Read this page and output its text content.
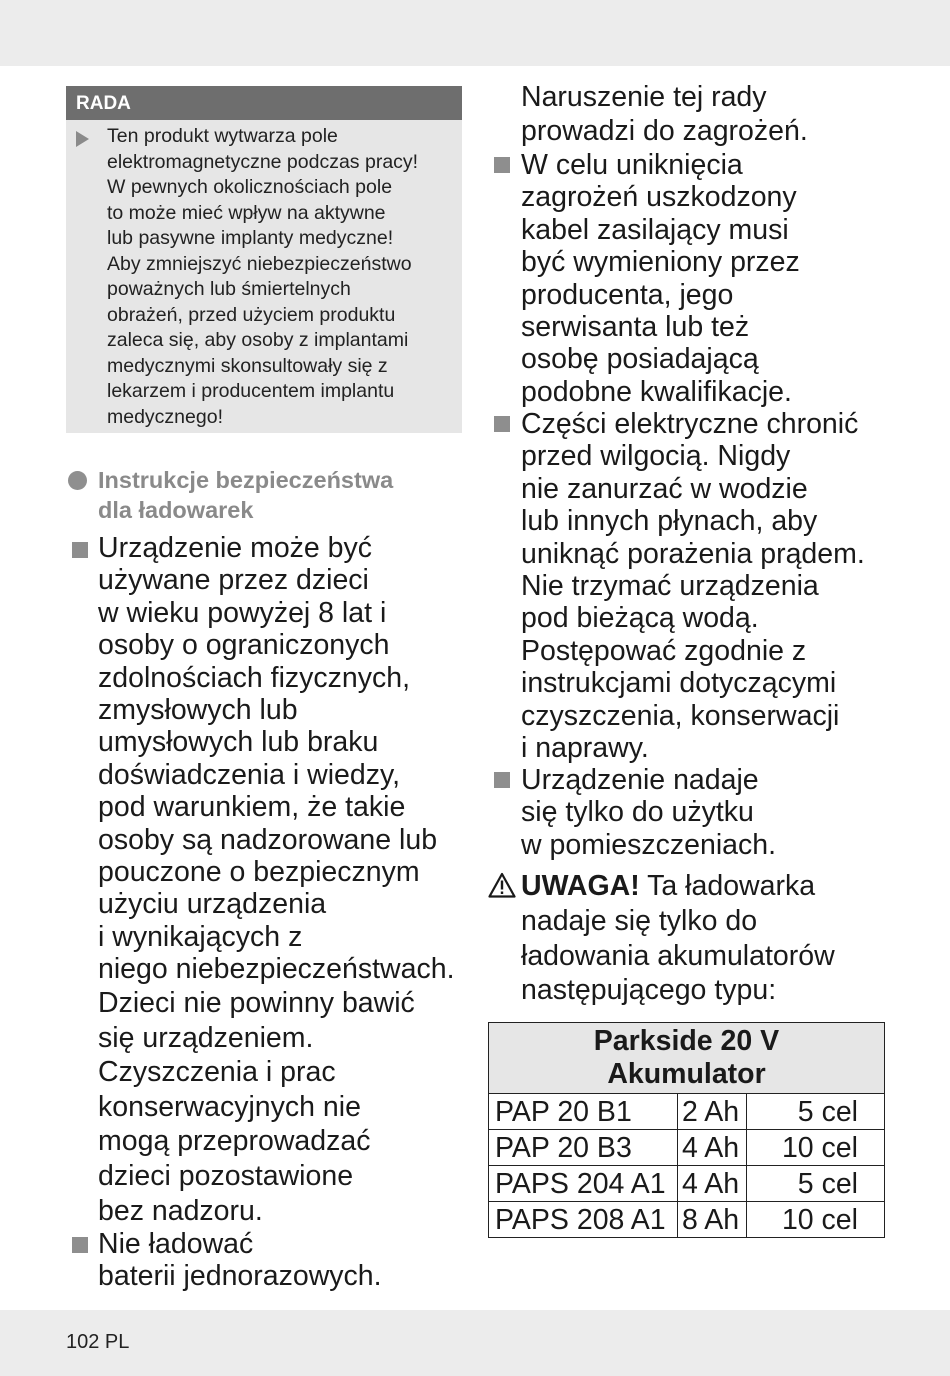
RADA
Ten produkt wytwarza pole
elektromagnetyczne podczas pracy!
W pewnych okolicznościach pole
to może mieć wpływ na aktywne
lub pasywne implanty medyczne!
Aby zmniejszyć niebezpieczeństwo
poważnych lub śmiertelnych
obrażeń, przed użyciem produktu
zaleca się, aby osoby z implantami
medycznymi skonsultowały się z
lekarzem i producentem implantu
medycznego!
Instrukcje bezpieczeństwa
dla ładowarek
Urządzenie może być
używane przez dzieci
w wieku powyżej 8 lat i
osoby o ograniczonych
zdolnościach fizycznych,
zmysłowych lub
umysłowych lub braku
doświadczenia i wiedzy,
pod warunkiem, że takie
osoby są nadzorowane lub
pouczone o bezpiecznym
użyciu urządzenia
i wynikających z
niego niebezpieczeństwach.
Dzieci nie powinny bawić
się urządzeniem.
Czyszczenia i prac
konserwacyjnych nie
mogą przeprowadzać
dzieci pozostawione
bez nadzoru.
Nie ładować
baterii jednorazowych.
Naruszenie tej rady
prowadzi do zagrożeń.
W celu uniknięcia
zagrożeń uszkodzony
kabel zasilający musi
być wymieniony przez
producenta, jego
serwisanta lub też
osobę posiadającą
podobne kwalifikacje.
Części elektryczne chronić
przed wilgocią. Nigdy
nie zanurzać w wodzie
lub innych płynach, aby
uniknąć porażenia prądem.
Nie trzymać urządzenia
pod bieżącą wodą.
Postępować zgodnie z
instrukcjami dotyczącymi
czyszczenia, konserwacji
i naprawy.
Urządzenie nadaje
się tylko do użytku
w pomieszczeniach.
UWAGA! Ta ładowarka
nadaje się tylko do
ładowania akumulatorów
następującego typu:
Parkside 20 V
Akumulator		

PAP 20 B1	2 Ah	5 cel
PAP 20 B3	4 Ah	10 cel
PAPS 204 A1	4 Ah	5 cel
PAPS 208 A1	8 Ah	10 cel
102 PL
